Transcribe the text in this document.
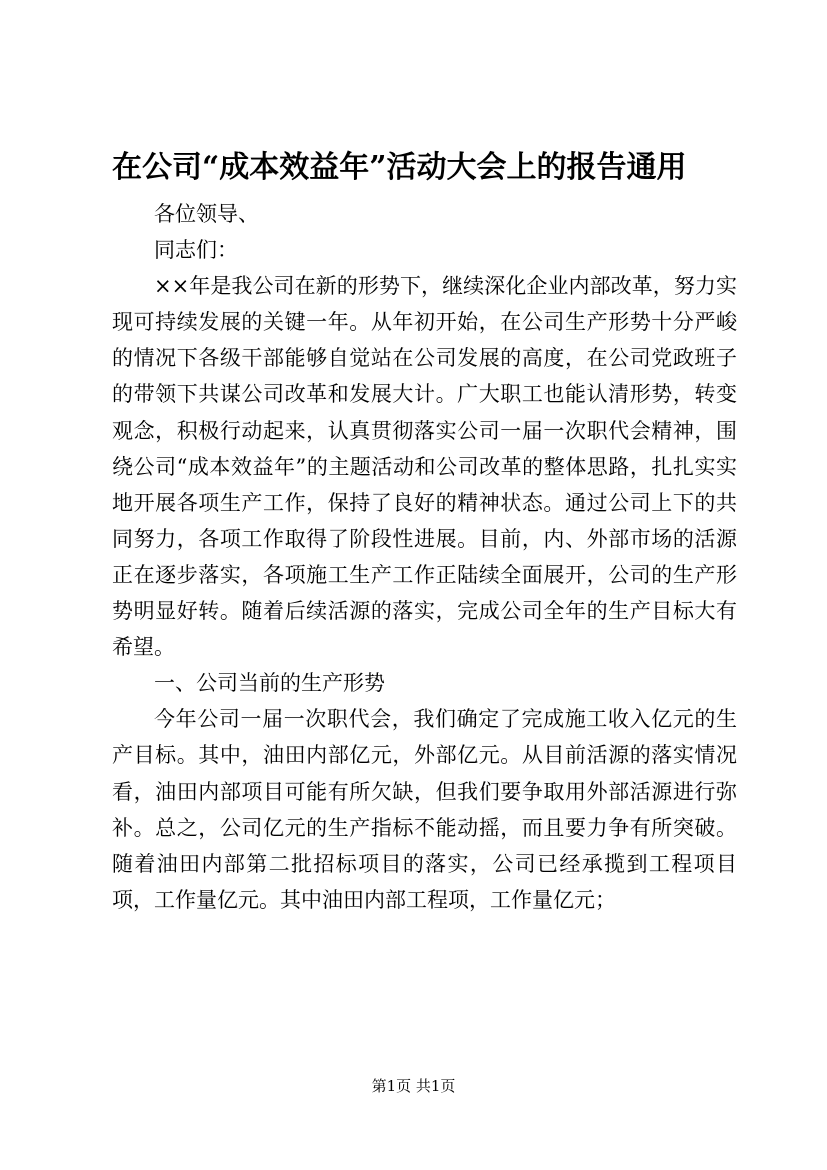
在公司“成本效益年”活动大会上的报告通用

各位领导、

同志们：

××年是我公司在新的形势下，继续深化企业内部改革，努力实现可持续发展的关键一年。从年初开始，在公司生产形势十分严峻的情况下各级干部能够自觉站在公司发展的高度，在公司党政班子的带领下共谋公司改革和发展大计。广大职工也能认清形势，转变观念，积极行动起来，认真贯彻落实公司一届一次职代会精神，围绕公司“成本效益年”的主题活动和公司改革的整体思路，扎扎实实地开展各项生产工作，保持了良好的精神状态。通过公司上下的共同努力，各项工作取得了阶段性进展。目前，内、外部市场的活源正在逐步落实，各项施工生产工作正陆续全面展开，公司的生产形势明显好转。随着后续活源的落实，完成公司全年的生产目标大有希望。

一、公司当前的生产形势

今年公司一届一次职代会，我们确定了完成施工收入亿元的生产目标。其中，油田内部亿元，外部亿元。从目前活源的落实情况看，油田内部项目可能有所欠缺，但我们要争取用外部活源进行弥补。总之，公司亿元的生产指标不能动摇，而且要力争有所突破。随着油田内部第二批招标项目的落实，公司已经承揽到工程项目项，工作量亿元。其中油田内部工程项，工作量亿元；

第1页 共1页
